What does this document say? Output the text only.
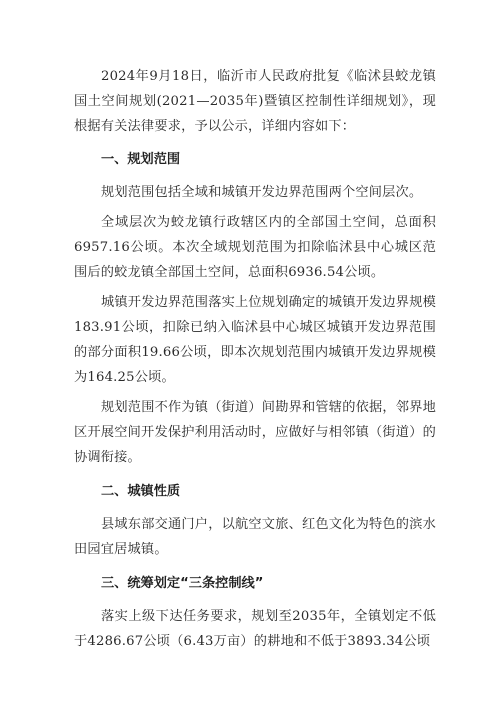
2024年9月18日，临沂市人民政府批复《临沭县蛟龙镇国土空间规划(2021—2035年)暨镇区控制性详细规划》，现根据有关法律要求，予以公示，详细内容如下：

一、规划范围

规划范围包括全域和城镇开发边界范围两个空间层次。

全域层次为蛟龙镇行政辖区内的全部国土空间，总面积6957.16公顷。本次全域规划范围为扣除临沭县中心城区范围后的蛟龙镇全部国土空间，总面积6936.54公顷。

城镇开发边界范围落实上位规划确定的城镇开发边界规模183.91公顷，扣除已纳入临沭县中心城区城镇开发边界范围的部分面积19.66公顷，即本次规划范围内城镇开发边界规模为164.25公顷。

规划范围不作为镇（街道）间勘界和管辖的依据，邻界地区开展空间开发保护利用活动时，应做好与相邻镇（街道）的协调衔接。

二、城镇性质

县域东部交通门户，以航空文旅、红色文化为特色的滨水田园宜居城镇。

三、统筹划定“三条控制线”

落实上级下达任务要求，规划至2035年，全镇划定不低于4286.67公顷（6.43万亩）的耕地和不低于3893.34公顷
